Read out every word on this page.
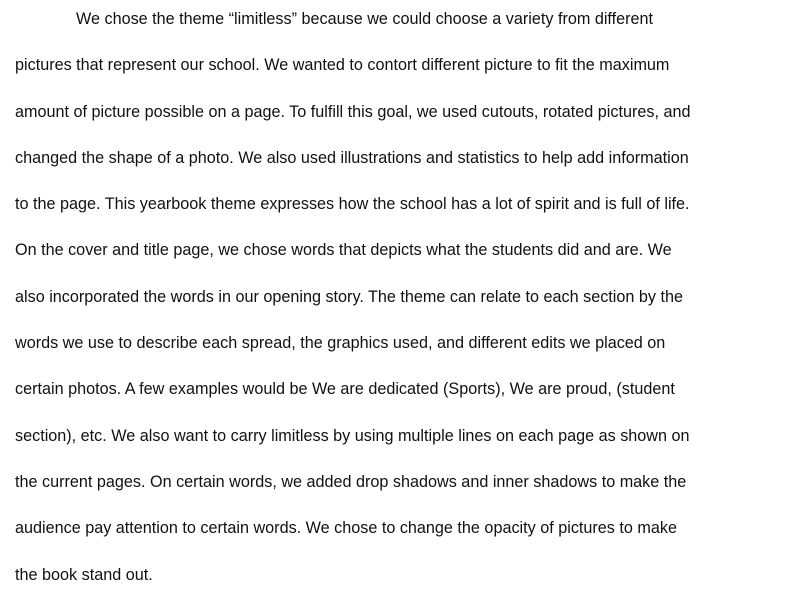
We chose the theme “limitless” because we could choose a variety from different
pictures that represent our school. We wanted to contort different picture to fit the maximum
amount of picture possible on a page. To fulfill this goal, we used cutouts, rotated pictures, and
changed the shape of a photo. We also used illustrations and statistics to help add information
to the page. This yearbook theme expresses how the school has a lot of spirit and is full of life.
On the cover and title page, we chose words that depicts what the students did and are. We
also incorporated the words in our opening story. The theme can relate to each section by the
words we use to describe each spread, the graphics used, and different edits we placed on
certain photos. A few examples would be We are dedicated (Sports), We are proud, (student
section), etc. We also want to carry limitless by using multiple lines on each page as shown on
the current pages. On certain words, we added drop shadows and inner shadows to make the
audience pay attention to certain words. We chose to change the opacity of pictures to make
the book stand out.
